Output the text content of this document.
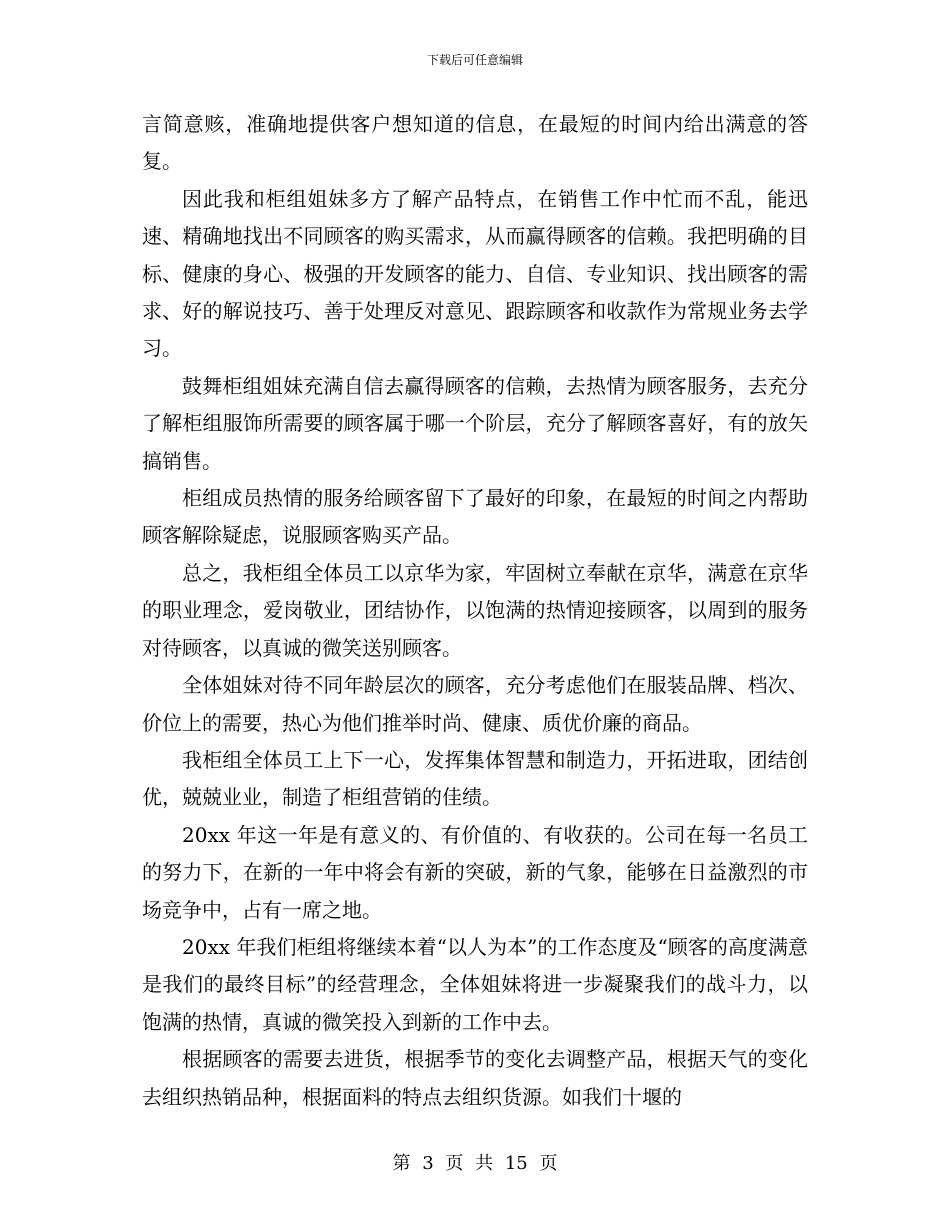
下载后可任意编辑

言简意赅，准确地提供客户想知道的信息，在最短的时间内给出满意的答复。

因此我和柜组姐妹多方了解产品特点，在销售工作中忙而不乱，能迅速、精确地找出不同顾客的购买需求，从而赢得顾客的信赖。我把明确的目标、健康的身心、极强的开发顾客的能力、自信、专业知识、找出顾客的需求、好的解说技巧、善于处理反对意见、跟踪顾客和收款作为常规业务去学习。

鼓舞柜组姐妹充满自信去赢得顾客的信赖，去热情为顾客服务，去充分了解柜组服饰所需要的顾客属于哪一个阶层，充分了解顾客喜好，有的放矢搞销售。

柜组成员热情的服务给顾客留下了最好的印象，在最短的时间之内帮助顾客解除疑虑，说服顾客购买产品。

总之，我柜组全体员工以京华为家，牢固树立奉献在京华，满意在京华的职业理念，爱岗敬业，团结协作，以饱满的热情迎接顾客，以周到的服务对待顾客，以真诚的微笑送别顾客。

全体姐妹对待不同年龄层次的顾客，充分考虑他们在服装品牌、档次、价位上的需要，热心为他们推举时尚、健康、质优价廉的商品。

我柜组全体员工上下一心，发挥集体智慧和制造力，开拓进取，团结创优，兢兢业业，制造了柜组营销的佳绩。

20xx 年这一年是有意义的、有价值的、有收获的。公司在每一名员工的努力下，在新的一年中将会有新的突破，新的气象，能够在日益激烈的市场竞争中，占有一席之地。

20xx 年我们柜组将继续本着“以人为本”的工作态度及“顾客的高度满意是我们的最终目标”的经营理念，全体姐妹将进一步凝聚我们的战斗力，以饱满的热情，真诚的微笑投入到新的工作中去。

根据顾客的需要去进货，根据季节的变化去调整产品，根据天气的变化去组织热销品种，根据面料的特点去组织货源。如我们十堰的

第 3 页 共 15 页
